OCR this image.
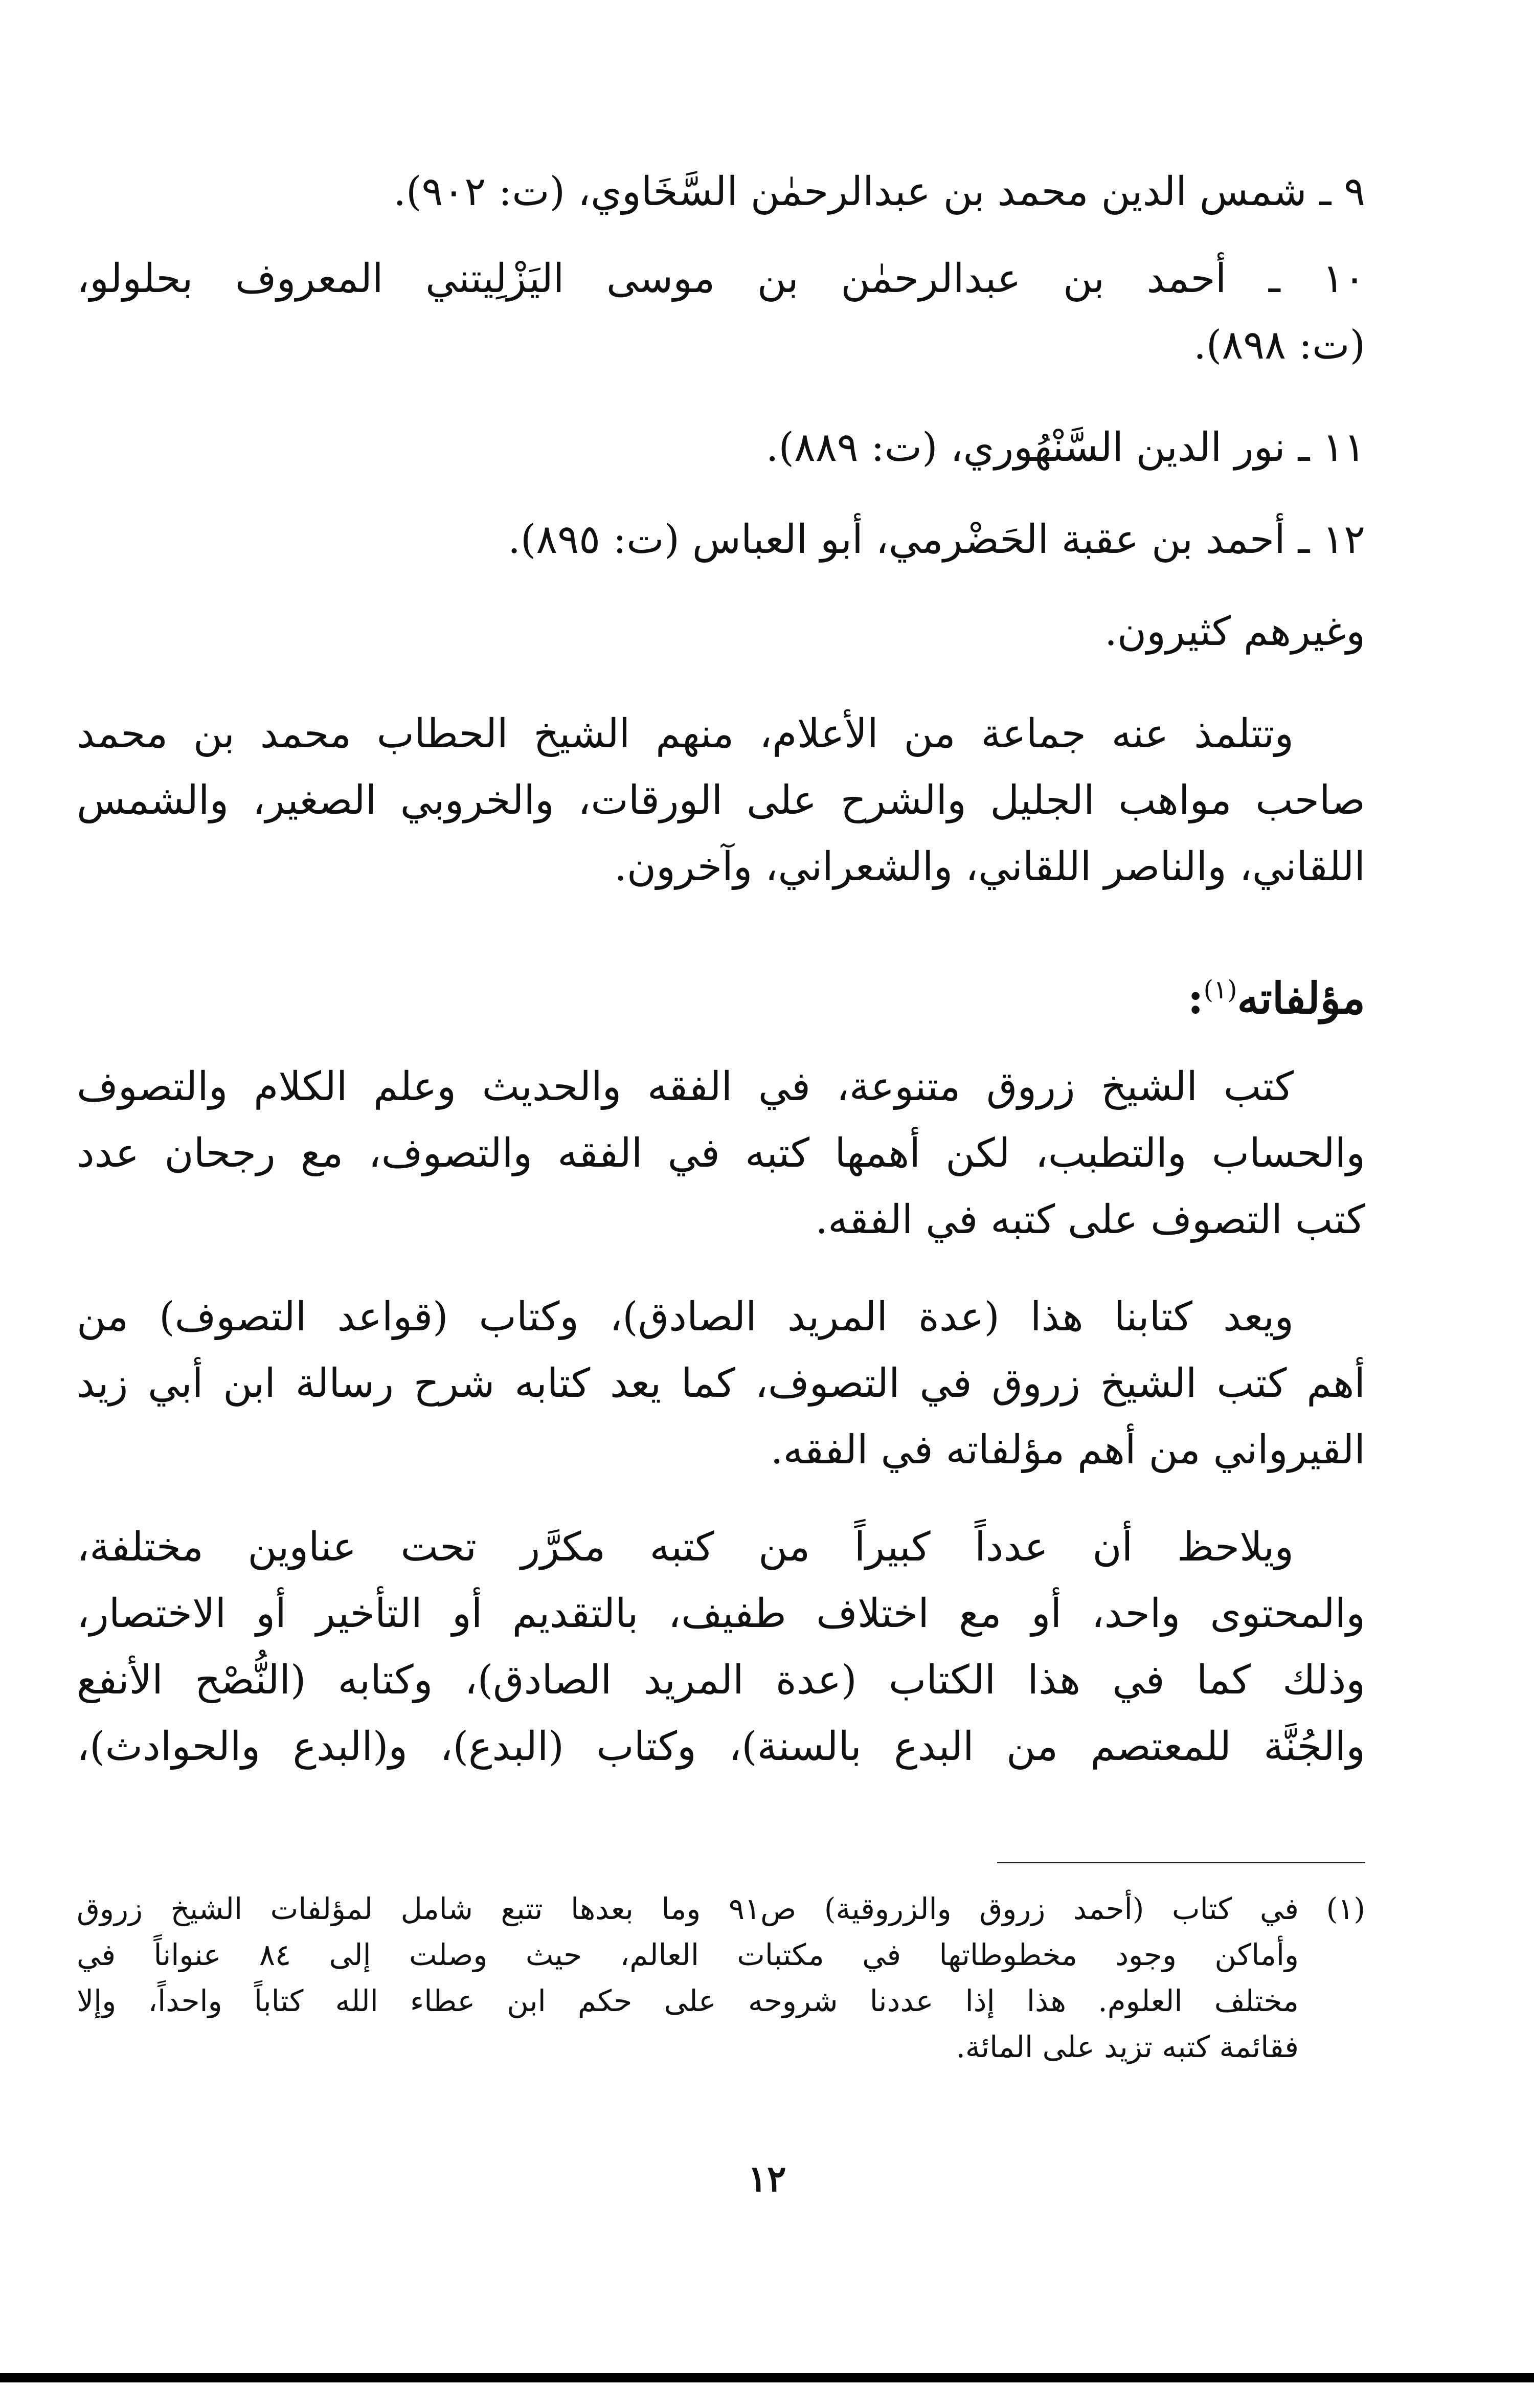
٩ ـ شمس الدين محمد بن عبدالرحمٰن السَّخَاوي، (ت: ٩٠٢).
١٠ ـ أحمد بن عبدالرحمٰن بن موسى اليَزْلِيتني المعروف بحلولو،
(ت: ٨٩٨).
١١ ـ نور الدين السَّنْهُوري، (ت: ٨٨٩).
١٢ ـ أحمد بن عقبة الحَضْرمي، أبو العباس (ت: ٨٩٥).
وغيرهم كثيرون.
وتتلمذ عنه جماعة من الأعلام، منهم الشيخ الحطاب محمد بن محمد
صاحب مواهب الجليل والشرح على الورقات، والخروبي الصغير، والشمس
اللقاني، والناصر اللقاني، والشعراني، وآخرون.
مؤلفاته$^{(١)}$:
كتب الشيخ زروق متنوعة، في الفقه والحديث وعلم الكلام والتصوف
والحساب والتطبب، لكن أهمها كتبه في الفقه والتصوف، مع رجحان عدد
كتب التصوف على كتبه في الفقه.
ويعد كتابنا هذا (عدة المريد الصادق)، وكتاب (قواعد التصوف) من
أهم كتب الشيخ زروق في التصوف، كما يعد كتابه شرح رسالة ابن أبي زيد
القيرواني من أهم مؤلفاته في الفقه.
ويلاحظ أن عدداً كبيراً من كتبه مكرَّر تحت عناوين مختلفة،
والمحتوى واحد، أو مع اختلاف طفيف، بالتقديم أو التأخير أو الاختصار،
وذلك كما في هذا الكتاب (عدة المريد الصادق)، وكتابه (النُّصْح الأنفع
والجُنَّة للمعتصم من البدع بالسنة)، وكتاب (البدع)، و(البدع والحوادث)،
(١)
في كتاب (أحمد زروق والزروقية) ص٩١ وما بعدها تتبع شامل لمؤلفات الشيخ زروق
وأماكن وجود مخطوطاتها في مكتبات العالم، حيث وصلت إلى ٨٤ عنواناً في
مختلف العلوم. هذا إذا عددنا شروحه على حكم ابن عطاء الله كتاباً واحداً، وإلا
فقائمة كتبه تزيد على المائة.
١٢
